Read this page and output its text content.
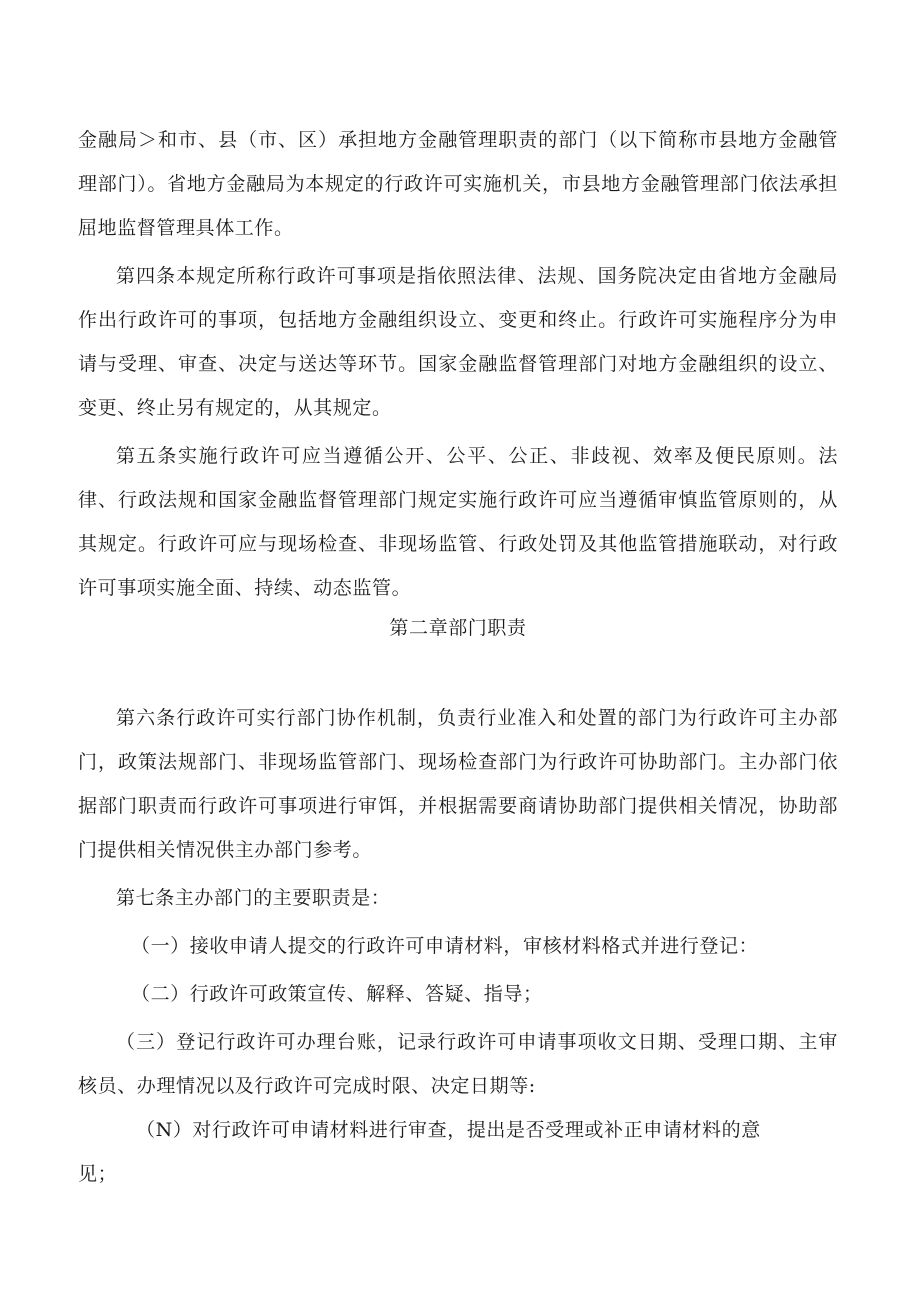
金融局＞和市、县（市、区）承担地方金融管理职责的部门（以下简称市县地方金融管理部门）。省地方金融局为本规定的行政许可实施机关，市县地方金融管理部门依法承担屈地监督管理具体工作。

第四条本规定所称行政许可事项是指依照法律、法规、国务院决定由省地方金融局作出行政许可的事项，包括地方金融组织设立、变更和终止。行政许可实施程序分为申请与受理、审查、决定与送达等环节。国家金融监督管理部门对地方金融组织的设立、变更、终止另有规定的，从其规定。

第五条实施行政许可应当遵循公开、公平、公正、非歧视、效率及便民原则。法律、行政法规和国家金融监督管理部门规定实施行政许可应当遵循审慎监管原则的，从其规定。行政许可应与现场检查、非现场监管、行政处罚及其他监管措施联动，对行政许可事项实施全面、持续、动态监管。

第二章部门职责

第六条行政许可实行部门协作机制，负责行业准入和处置的部门为行政许可主办部门，政策法规部门、非现场监管部门、现场检查部门为行政许可协助部门。主办部门依据部门职责而行政许可事项进行审饵，并根据需要商请协助部门提供相关情况，协助部门提供相关情况供主办部门参考。

第七条主办部门的主要职责是：

（一）接收申请人提交的行政许可申请材料，审核材料格式并进行登记：

（二）行政许可政策宣传、解释、答疑、指导；

（三）登记行政许可办理台账，记录行政许可申请事项收文日期、受理口期、主审核员、办理情况以及行政许可完成时限、决定日期等:

（N）对行政许可申请材料进行审查，提出是否受理或补正申请材料的意

见；
